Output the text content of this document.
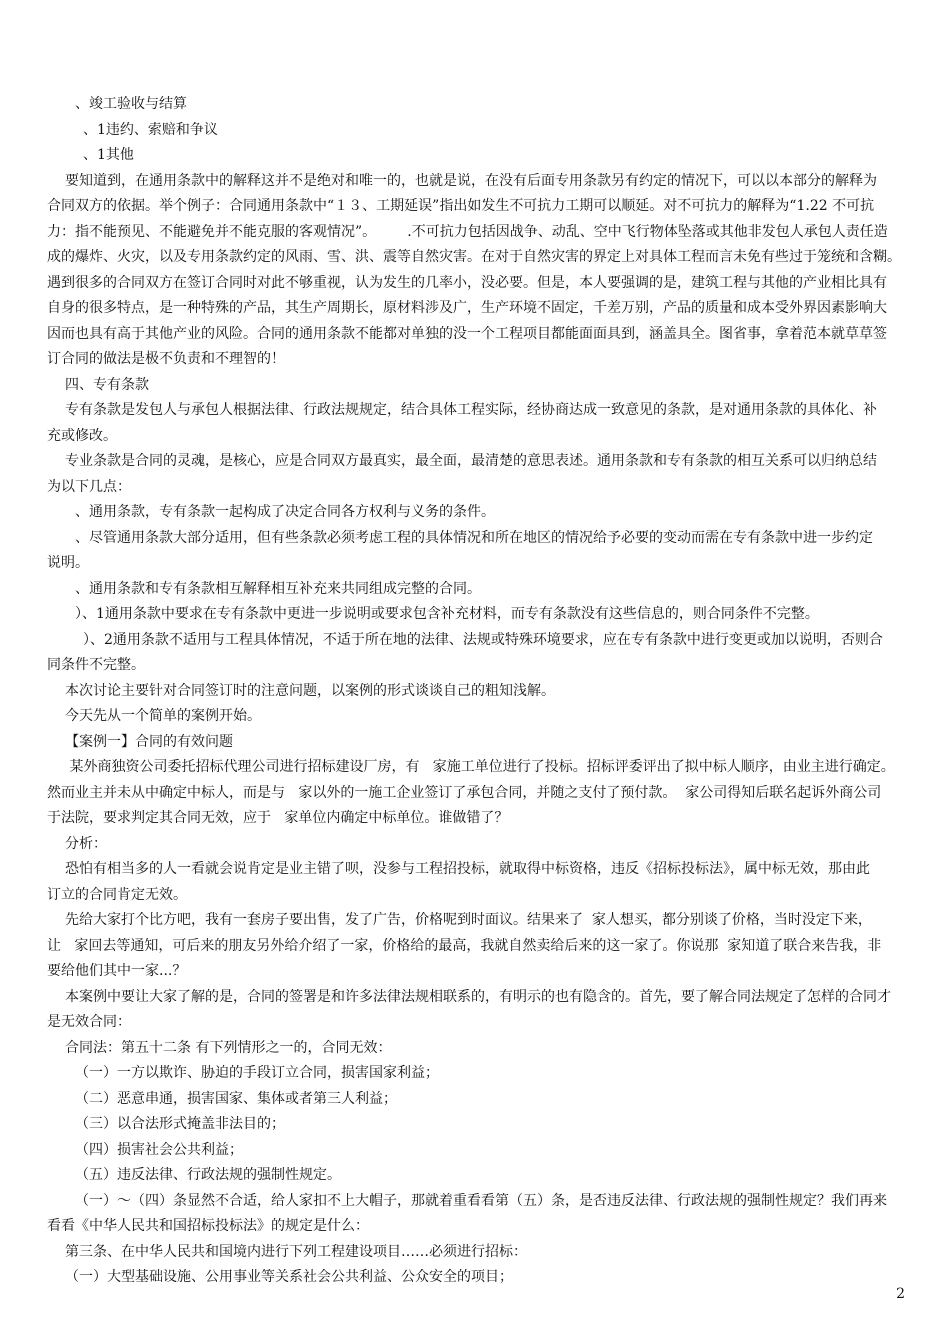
、竣工验收与结算
、1违约、索赔和争议
、1其他
要知道到，在通用条款中的解释这并不是绝对和唯一的，也就是说，在没有后面专用条款另有约定的情况下，可以以本部分的解释为
合同双方的依据。举个例子：合同通用条款中“１３、工期延误”指出如发生不可抗力工期可以顺延。对不可抗力的解释为“1.22 不可抗
力：指不能预见、不能避免并不能克服的客观情况”。       .不可抗力包括因战争、动乱、空中飞行物体坠落或其他非发包人承包人责任造
成的爆炸、火灾，以及专用条款约定的风雨、雪、洪、震等自然灾害。在对于自然灾害的界定上对具体工程而言未免有些过于笼统和含糊。
遇到很多的合同双方在签订合同时对此不够重视，认为发生的几率小，没必要。但是，本人要强调的是，建筑工程与其他的产业相比具有
自身的很多特点，是一种特殊的产品，其生产周期长，原材料涉及广，生产环境不固定，千差万别，产品的质量和成本受外界因素影响大
因而也具有高于其他产业的风险。合同的通用条款不能都对单独的没一个工程项目都能面面具到，涵盖具全。图省事，拿着范本就草草签
订合同的做法是极不负责和不理智的！
四、专有条款
专有条款是发包人与承包人根据法律、行政法规规定，结合具体工程实际，经协商达成一致意见的条款，是对通用条款的具体化、补
充或修改。
专业条款是合同的灵魂，是核心，应是合同双方最真实，最全面，最清楚的意思表述。通用条款和专有条款的相互关系可以归纳总结
为以下几点：
、通用条款，专有条款一起构成了决定合同各方权利与义务的条件。
、尽管通用条款大部分适用，但有些条款必须考虑工程的具体情况和所在地区的情况给予必要的变动而需在专有条款中进一步约定
说明。
、通用条款和专有条款相互解释相互补充来共同组成完整的合同。
）、1通用条款中要求在专有条款中更进一步说明或要求包含补充材料，而专有条款没有这些信息的，则合同条件不完整。
）、2通用条款不适用与工程具体情况，不适于所在地的法律、法规或特殊环境要求，应在专有条款中进行变更或加以说明，否则合
同条件不完整。
本次讨论主要针对合同签订时的注意问题，以案例的形式谈谈自己的粗知浅解。
今天先从一个简单的案例开始。
【案例一】合同的有效问题
某外商独资公司委托招标代理公司进行招标建设厂房，有   家施工单位进行了投标。招标评委评出了拟中标人顺序，由业主进行确定。
然而业主并未从中确定中标人，而是与   家以外的一施工企业签订了承包合同，并随之支付了预付款。  家公司得知后联名起诉外商公司
于法院，要求判定其合同无效，应于   家单位内确定中标单位。谁做错了？
分析：
恐怕有相当多的人一看就会说肯定是业主错了呗，没参与工程招投标，就取得中标资格，违反《招标投标法》，属中标无效，那由此
订立的合同肯定无效。
先给大家打个比方吧，我有一套房子要出售，发了广告，价格呢到时面议。结果来了  家人想买，都分别谈了价格，当时没定下来，
让   家回去等通知，可后来的朋友另外给介绍了一家，价格给的最高，我就自然卖给后来的这一家了。你说那  家知道了联合来告我，非
要给他们其中一家...？
本案例中要让大家了解的是，合同的签署是和许多法律法规相联系的，有明示的也有隐含的。首先，要了解合同法规定了怎样的合同才
是无效合同：
合同法：第五十二条 有下列情形之一的，合同无效：
（一）一方以欺诈、胁迫的手段订立合同，损害国家利益；
（二）恶意串通，损害国家、集体或者第三人利益；
（三）以合法形式掩盖非法目的；
（四）损害社会公共利益；
（五）违反法律、行政法规的强制性规定。
（一）～（四）条显然不合适，给人家扣不上大帽子，那就着重看看第（五）条，是否违反法律、行政法规的强制性规定？我们再来
看看《中华人民共和国招标投标法》的规定是什么：
第三条、在中华人民共和国境内进行下列工程建设项目……必须进行招标：
（一）大型基础设施、公用事业等关系社会公共利益、公众安全的项目；
2
